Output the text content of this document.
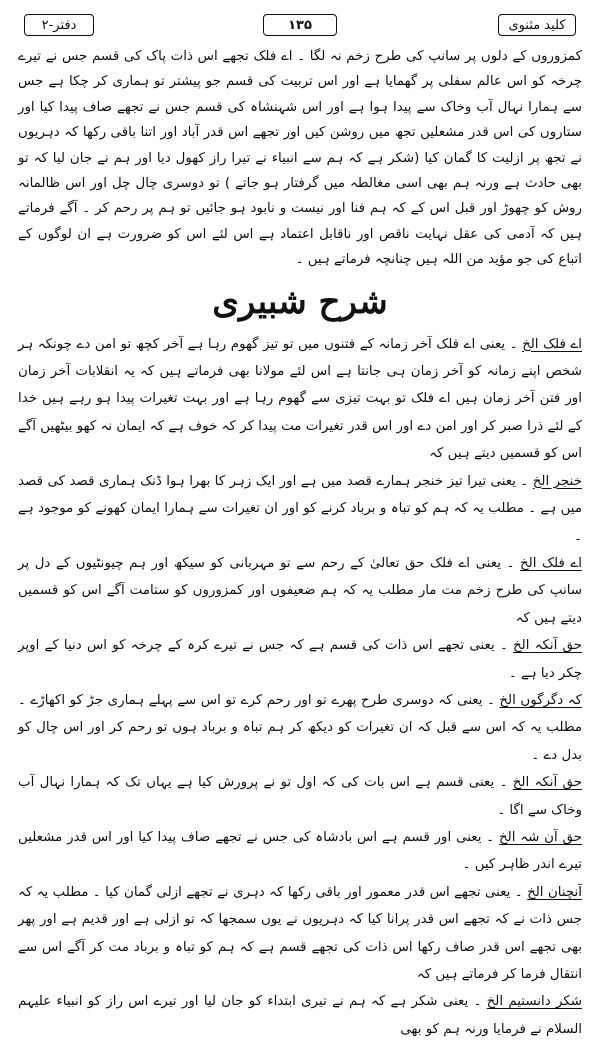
کلید مثنوی
۱۳۵
دفتر-۲

کمزوروں کے دلوں پر سانپ کی طرح زخم نہ لگا ۔ اے فلک تجھے اس ذات پاک کی قسم جس نے تیرے چرخہ کو اس عالم سفلی پر گھمایا ہے اور اس تربیت کی قسم جو پیشتر تو ہماری کر چکا ہے جس سے ہمارا نہال آب وخاک سے پیدا ہوا ہے اور اس شہنشاہ کی قسم جس نے تجھے صاف پیدا کیا اور ستاروں کی اس قدر مشعلیں تجھ میں روشن کیں اور تجھے اس قدر آباد اور اتنا باقی رکھا کہ دہریوں نے تجھ پر ازلیت کا گمان کیا (شکر ہے کہ ہم سے انبیاء نے تیرا راز کھول دیا اور ہم نے جان لیا کہ تو بھی حادث ہے ورنہ ہم بھی اسی مغالطہ میں گرفتار ہو جاتے ) تو دوسری چال چل اور اس ظالمانہ روش کو چھوڑ اور قبل اس کے کہ ہم فنا اور نیست و نابود ہو جائیں تو ہم پر رحم کر ۔ آگے فرماتے ہیں کہ آدمی کی عقل نہایت ناقص اور ناقابل اعتماد ہے اس لئے اس کو ضرورت ہے ان لوگوں کے اتباع کی جو مؤید من اللہ ہیں چنانچہ فرماتے ہیں ۔

شرح شبیری

اے فلک الخ ۔ یعنی اے فلک آخر زمانہ کے فتنوں میں تو تیز گھوم رہا ہے آخر کچھ تو امن دے چونکہ ہر شخص اپنے زمانہ کو آخر زمان ہی جانتا ہے اس لئے مولانا بھی فرماتے ہیں کہ یہ انقلابات آخر زمان اور فتن آخر زمان ہیں اے فلک تو بہت تیزی سے گھوم رہا ہے اور بہت تغیرات پیدا ہو رہے ہیں خدا کے لئے ذرا صبر کر اور امن دے اور اس قدر تغیرات مت پیدا کر کہ خوف ہے کہ ایمان نہ کھو بیٹھیں آگے اس کو قسمیں دیتے ہیں کہ

خنجر الخ ۔ یعنی تیرا تیز خنجر ہمارے قصد میں ہے اور ایک زہر کا بھرا ہوا ڈنک ہماری قصد کی قصد میں ہے ۔ مطلب یہ کہ ہم کو تباہ و برباد کرنے کو اور ان تغیرات سے ہمارا ایمان کھونے کو موجود ہے ۔

اے فلک الخ ۔ یعنی اے فلک حق تعالیٰ کے رحم سے تو مہربانی کو سیکھ اور ہم چیونٹیوں کے دل پر سانپ کی طرح زخم مت مار مطلب یہ کہ ہم ضعیفوں اور کمزوروں کو ستامت آگے اس کو قسمیں دیتے ہیں کہ

حق آنکہ الخ ۔ یعنی تجھے اس ذات کی قسم ہے کہ جس نے تیرے کرہ کے چرخہ کو اس دنیا کے اوپر چکر دیا ہے ۔

کہ دگرگوں الخ ۔ یعنی کہ دوسری طرح پھرے تو اور رحم کرے تو اس سے پہلے ہماری جڑ کو اکھاڑے ۔ مطلب یہ کہ اس سے قبل کہ ان تغیرات کو دیکھ کر ہم تباہ و برباد ہوں تو رحم کر اور اس چال کو بدل دے ۔

حق آنکہ الخ ۔ یعنی قسم ہے اس بات کی کہ اول تو نے پرورش کیا ہے یہاں تک کہ ہمارا نہال آب وخاک سے اگا ۔

حق آن شہ الخ ۔ یعنی اور قسم ہے اس بادشاہ کی جس نے تجھے صاف پیدا کیا اور اس قدر مشعلیں تیرے اندر ظاہر کیں ۔

آنچنان الخ ۔ یعنی تجھے اس قدر معمور اور باقی رکھا کہ دہری نے تجھے ازلی گمان کیا ۔ مطلب یہ کہ جس ذات نے کہ تجھے اس قدر پرانا کیا کہ دہریوں نے یوں سمجھا کہ تو ازلی ہے اور قدیم ہے اور پھر بھی تجھے اس قدر صاف رکھا اس ذات کی تجھے قسم ہے کہ ہم کو تباہ و برباد مت کر آگے اس سے انتقال فرما کر فرماتے ہیں کہ

شکر دانستیم الخ ۔ یعنی شکر ہے کہ ہم نے تیری ابتداء کو جان لیا اور تیرے اس راز کو انبیاء علیہم السلام نے فرمایا ورنہ ہم کو بھی
